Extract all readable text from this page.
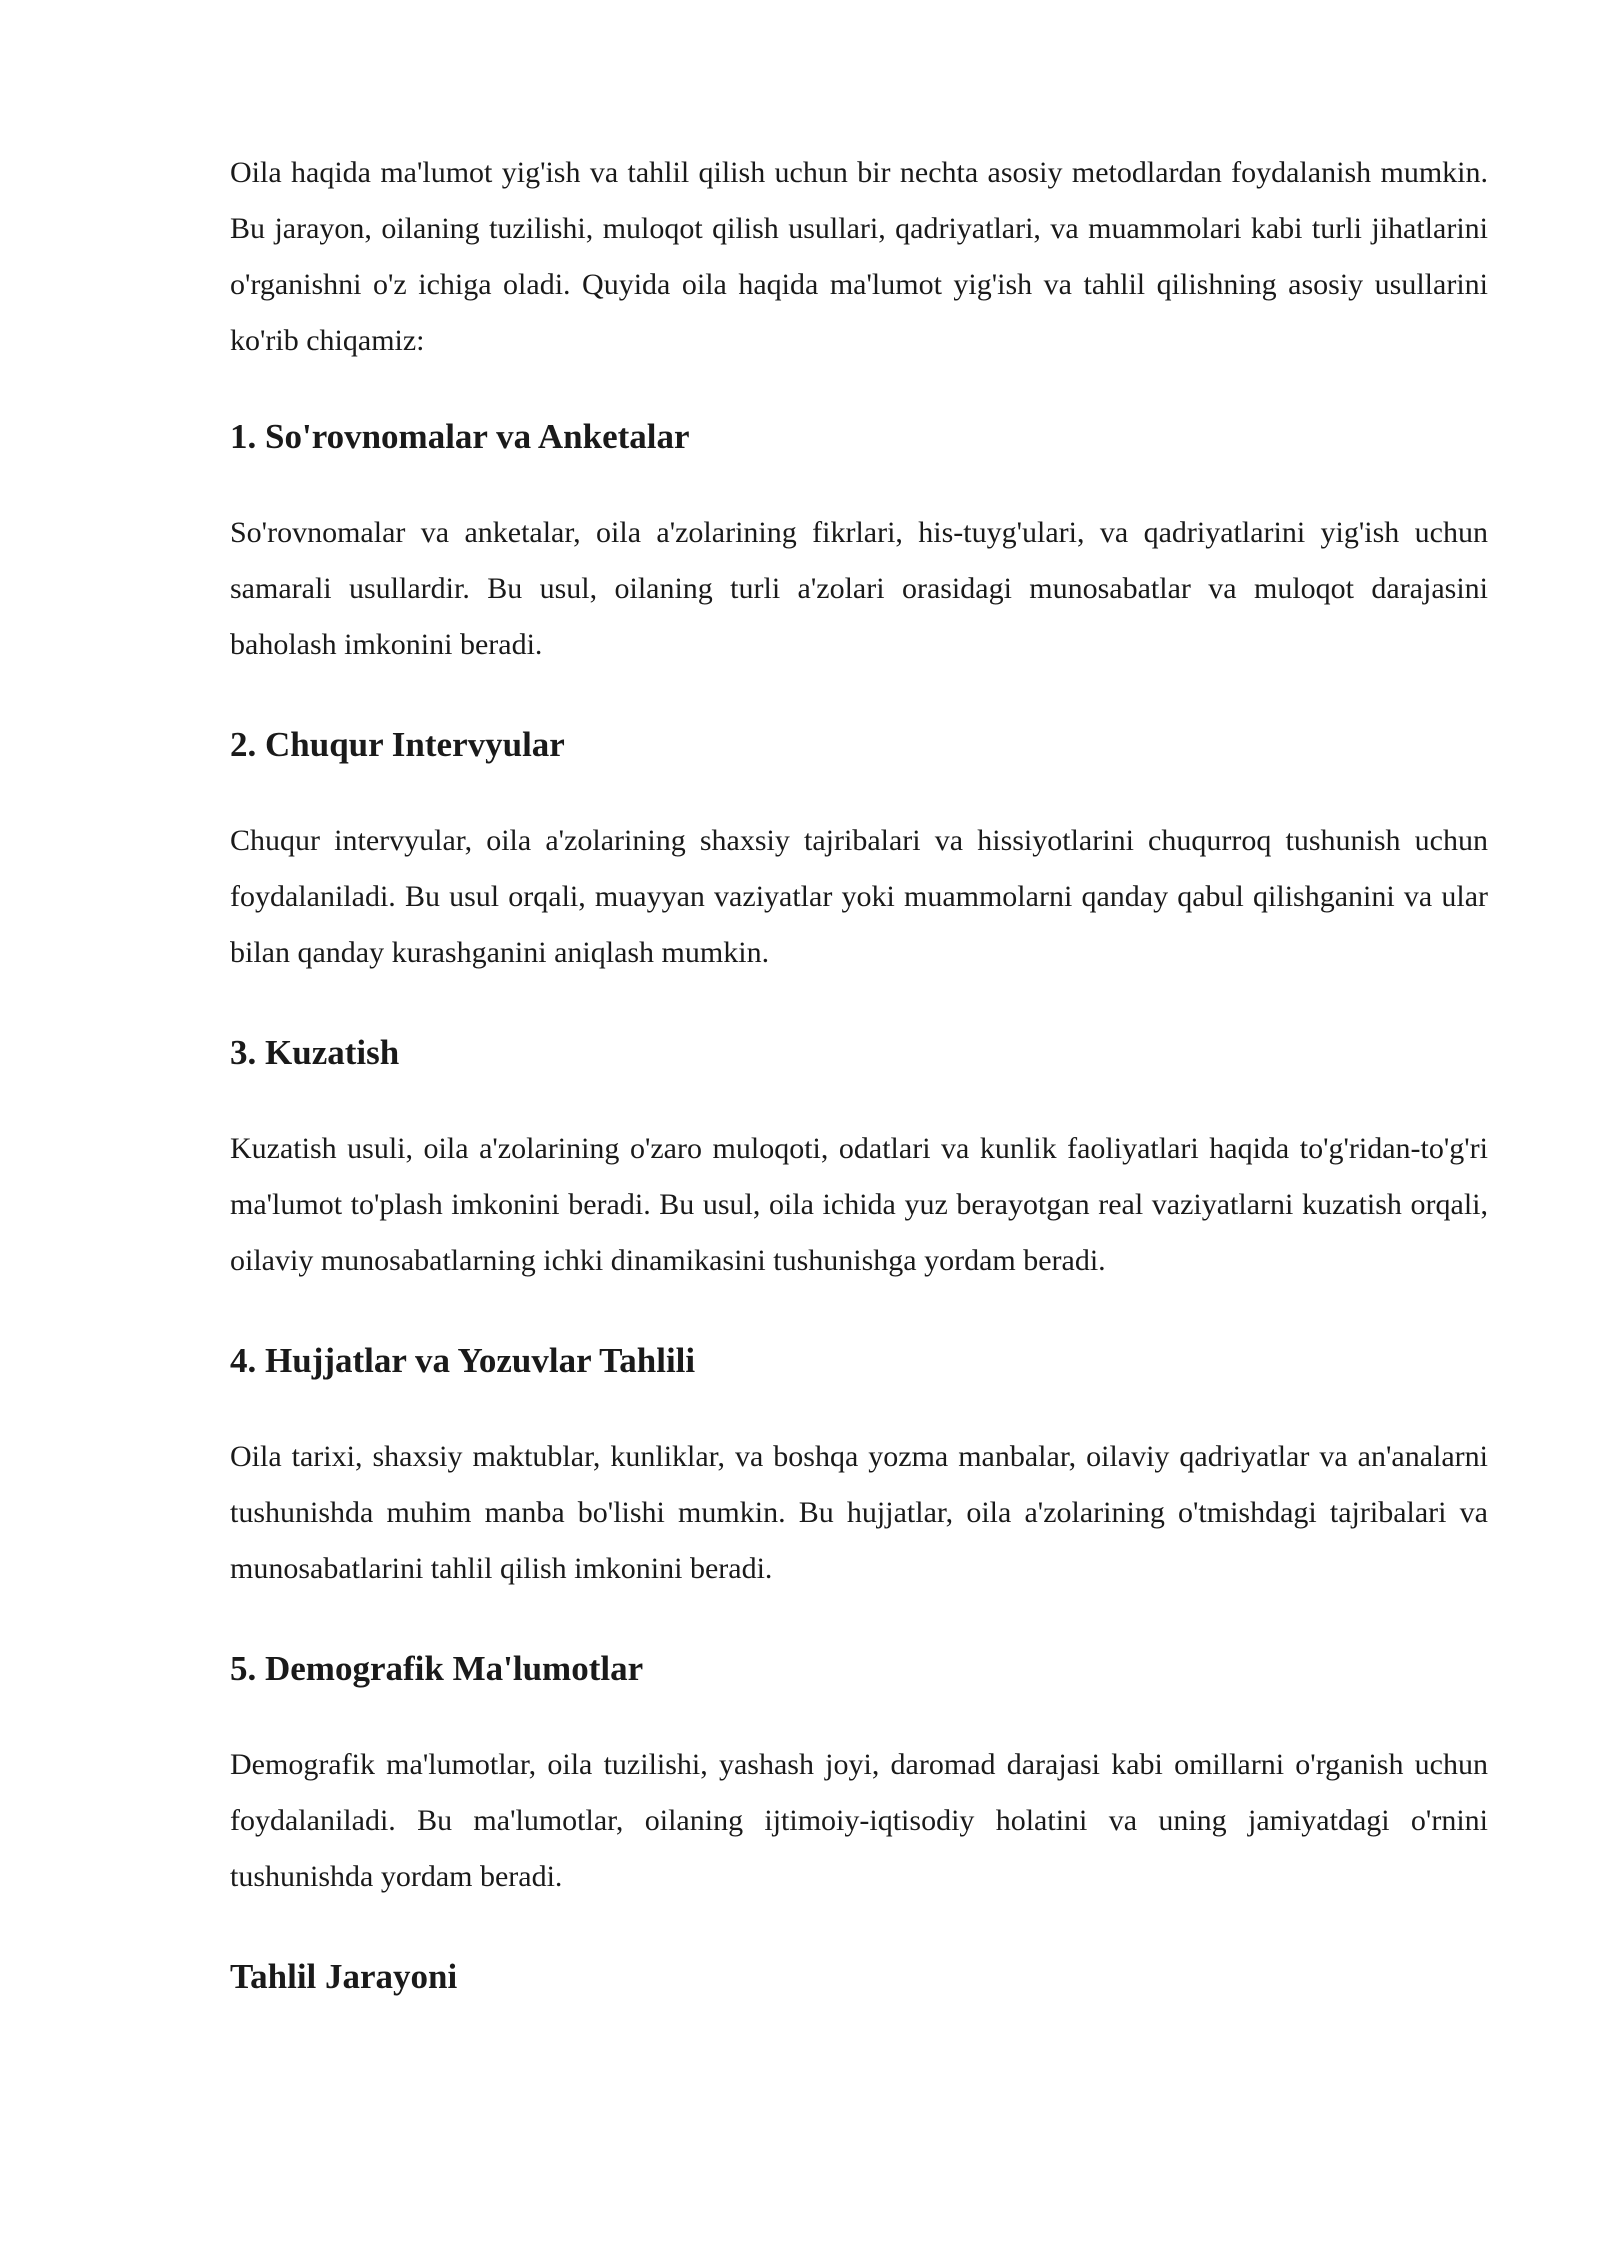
Oila haqida ma'lumot yig'ish va tahlil qilish uchun bir nechta asosiy metodlardan foydalanish mumkin. Bu jarayon, oilaning tuzilishi, muloqot qilish usullari, qadriyatlari, va muammolari kabi turli jihatlarini o'rganishni o'z ichiga oladi. Quyida oila haqida ma'lumot yig'ish va tahlil qilishning asosiy usullarini ko'rib chiqamiz:

1. So'rovnomalar va Anketalar

So'rovnomalar va anketalar, oila a'zolarining fikrlari, his-tuyg'ulari, va qadriyatlarini yig'ish uchun samarali usullardir. Bu usul, oilaning turli a'zolari orasidagi munosabatlar va muloqot darajasini baholash imkonini beradi.

2. Chuqur Intervyular

Chuqur intervyular, oila a'zolarining shaxsiy tajribalari va hissiyotlarini chuqurroq tushunish uchun foydalaniladi. Bu usul orqali, muayyan vaziyatlar yoki muammolarni qanday qabul qilishganini va ular bilan qanday kurashganini aniqlash mumkin.

3. Kuzatish

Kuzatish usuli, oila a'zolarining o'zaro muloqoti, odatlari va kunlik faoliyatlari haqida to'g'ridan-to'g'ri ma'lumot to'plash imkonini beradi. Bu usul, oila ichida yuz berayotgan real vaziyatlarni kuzatish orqali, oilaviy munosabatlarning ichki dinamikasini tushunishga yordam beradi.

4. Hujjatlar va Yozuvlar Tahlili

Oila tarixi, shaxsiy maktublar, kunliklar, va boshqa yozma manbalar, oilaviy qadriyatlar va an'analarni tushunishda muhim manba bo'lishi mumkin. Bu hujjatlar, oila a'zolarining o'tmishdagi tajribalari va munosabatlarini tahlil qilish imkonini beradi.

5. Demografik Ma'lumotlar

Demografik ma'lumotlar, oila tuzilishi, yashash joyi, daromad darajasi kabi omillarni o'rganish uchun foydalaniladi. Bu ma'lumotlar, oilaning ijtimoiy-iqtisodiy holatini va uning jamiyatdagi o'rnini tushunishda yordam beradi.

Tahlil Jarayoni
